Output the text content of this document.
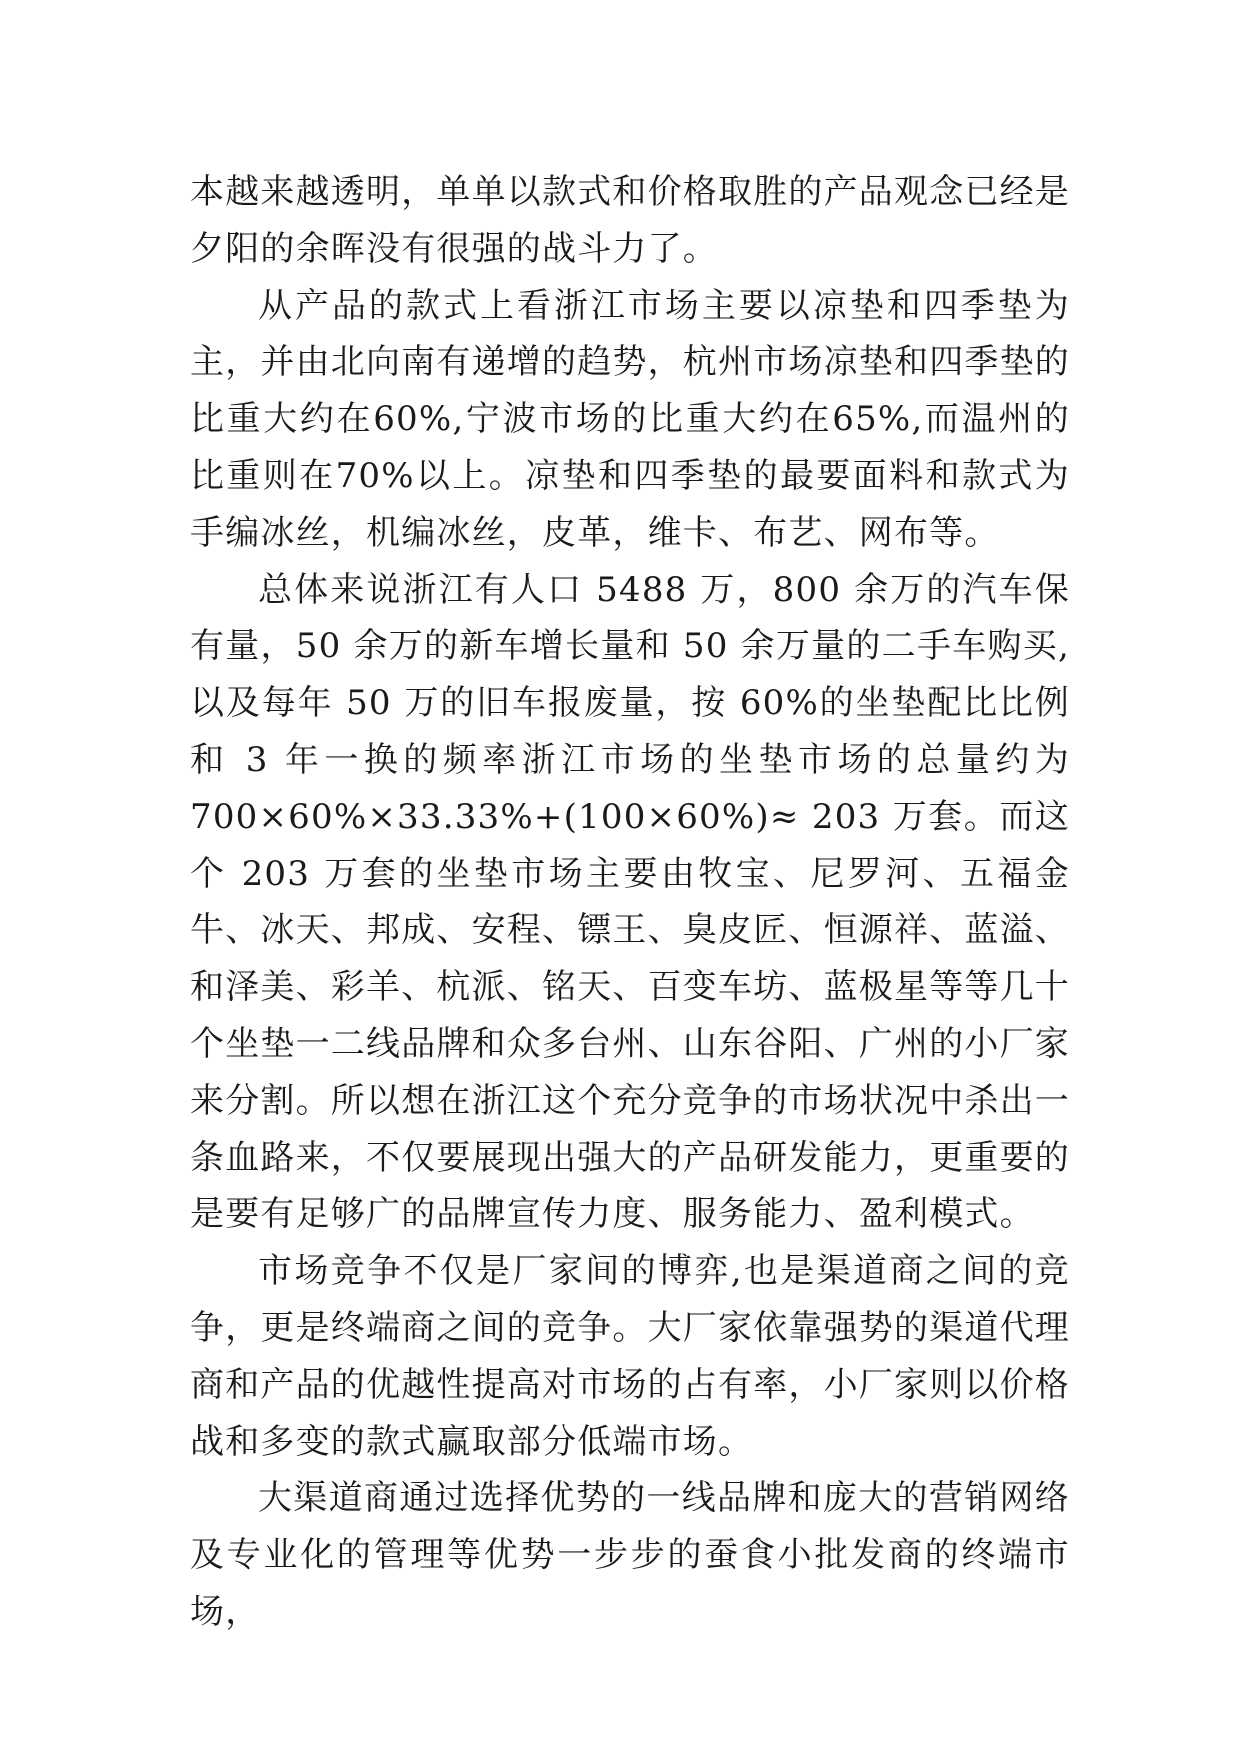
本越来越透明，单单以款式和价格取胜的产品观念已经是夕阳的余晖没有很强的战斗力了。

从产品的款式上看浙江市场主要以凉垫和四季垫为主，并由北向南有递增的趋势，杭州市场凉垫和四季垫的比重大约在60%,宁波市场的比重大约在65%,而温州的比重则在70%以上。凉垫和四季垫的最要面料和款式为手编冰丝，机编冰丝，皮革，维卡、布艺、网布等。

总体来说浙江有人口 5488 万，800 余万的汽车保有量，50 余万的新车增长量和 50 余万量的二手车购买,以及每年 50 万的旧车报废量，按 60%的坐垫配比比例和 3 年一换的频率浙江市场的坐垫市场的总量约为 700×60%×33.33%+(100×60%)≈ 203 万套。而这个 203 万套的坐垫市场主要由牧宝、尼罗河、五福金牛、冰天、邦成、安程、镖王、臭皮匠、恒源祥、蓝溢、和泽美、彩羊、杭派、铭天、百变车坊、蓝极星等等几十个坐垫一二线品牌和众多台州、山东谷阳、广州的小厂家来分割。所以想在浙江这个充分竞争的市场状况中杀出一条血路来，不仅要展现出强大的产品研发能力，更重要的是要有足够广的品牌宣传力度、服务能力、盈利模式。

市场竞争不仅是厂家间的博弈,也是渠道商之间的竞争，更是终端商之间的竞争。大厂家依靠强势的渠道代理商和产品的优越性提高对市场的占有率，小厂家则以价格战和多变的款式赢取部分低端市场。

大渠道商通过选择优势的一线品牌和庞大的营销网络及专业化的管理等优势一步步的蚕食小批发商的终端市场，
